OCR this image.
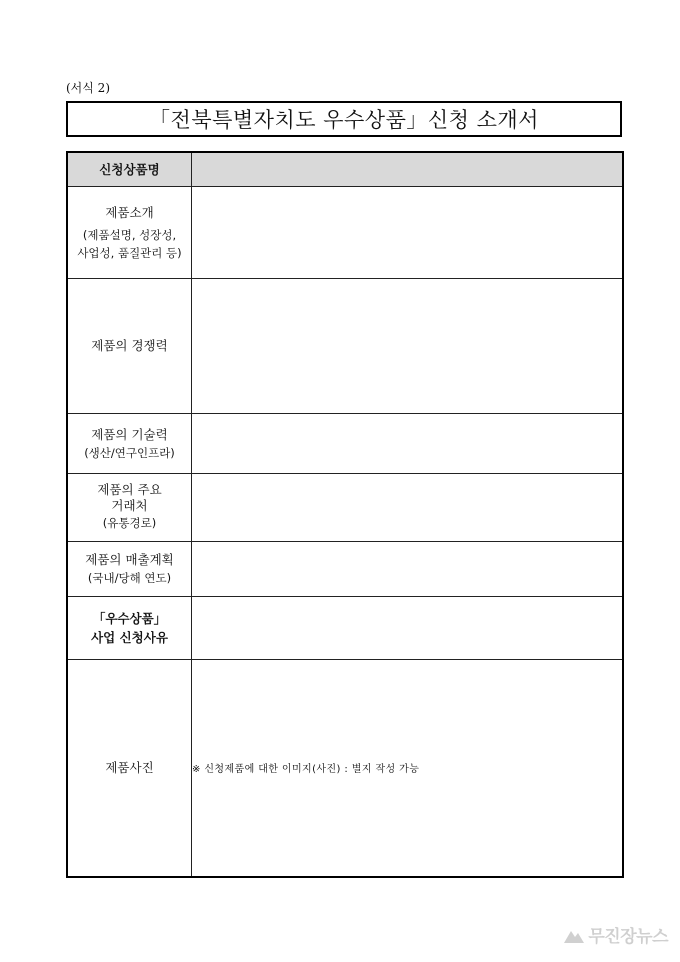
(서식 2)
「전북특별자치도 우수상품」신청 소개서
신청상품명	

제품소개
(제품설명, 성장성,
사업성, 품질관리 등)	

제품의 경쟁력	

제품의 기술력
(생산/연구인프라)	

제품의 주요
거래처
(유통경로)	

제품의 매출계획
(국내/당해 연도)	

「우수상품」
사업 신청사유	

제품사진	※ 신청제품에 대한 이미지(사진) : 별지 작성 가능
무진장뉴스
